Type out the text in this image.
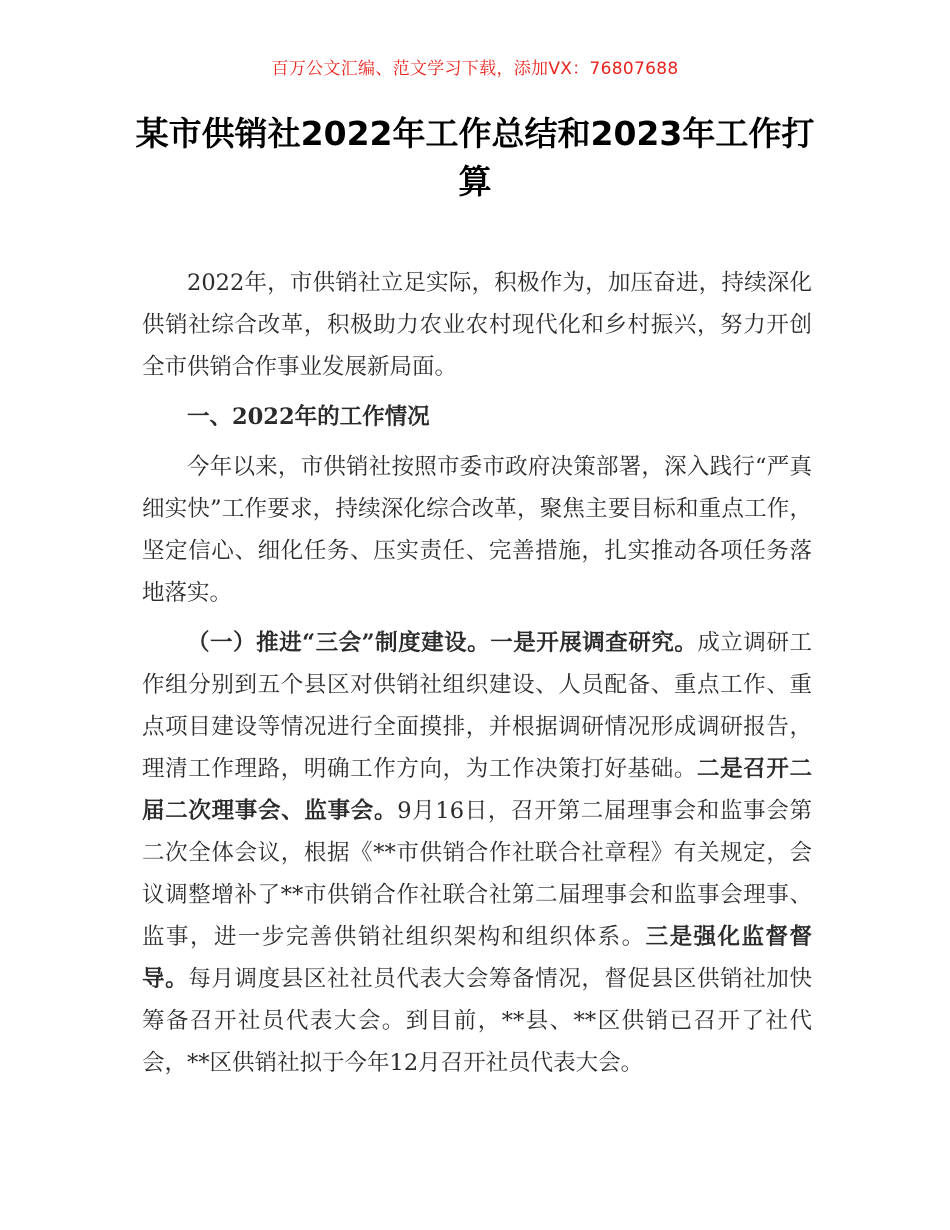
百万公文汇编、范文学习下载，添加VX：76807688
某市供销社2022年工作总结和2023年工作打算

2022年，市供销社立足实际，积极作为，加压奋进，持续深化供销社综合改革，积极助力农业农村现代化和乡村振兴，努力开创全市供销合作事业发展新局面。

一、2022年的工作情况

今年以来，市供销社按照市委市政府决策部署，深入践行“严真细实快”工作要求，持续深化综合改革，聚焦主要目标和重点工作，坚定信心、细化任务、压实责任、完善措施，扎实推动各项任务落地落实。

（一）推进“三会”制度建设。一是开展调查研究。成立调研工作组分别到五个县区对供销社组织建设、人员配备、重点工作、重点项目建设等情况进行全面摸排，并根据调研情况形成调研报告，理清工作理路，明确工作方向，为工作决策打好基础。二是召开二届二次理事会、监事会。9月16日，召开第二届理事会和监事会第二次全体会议，根据《**市供销合作社联合社章程》有关规定，会议调整增补了**市供销合作社联合社第二届理事会和监事会理事、监事，进一步完善供销社组织架构和组织体系。三是强化监督督导。每月调度县区社社员代表大会筹备情况，督促县区供销社加快筹备召开社员代表大会。到目前，**县、**区供销已召开了社代会，**区供销社拟于今年12月召开社员代表大会。
